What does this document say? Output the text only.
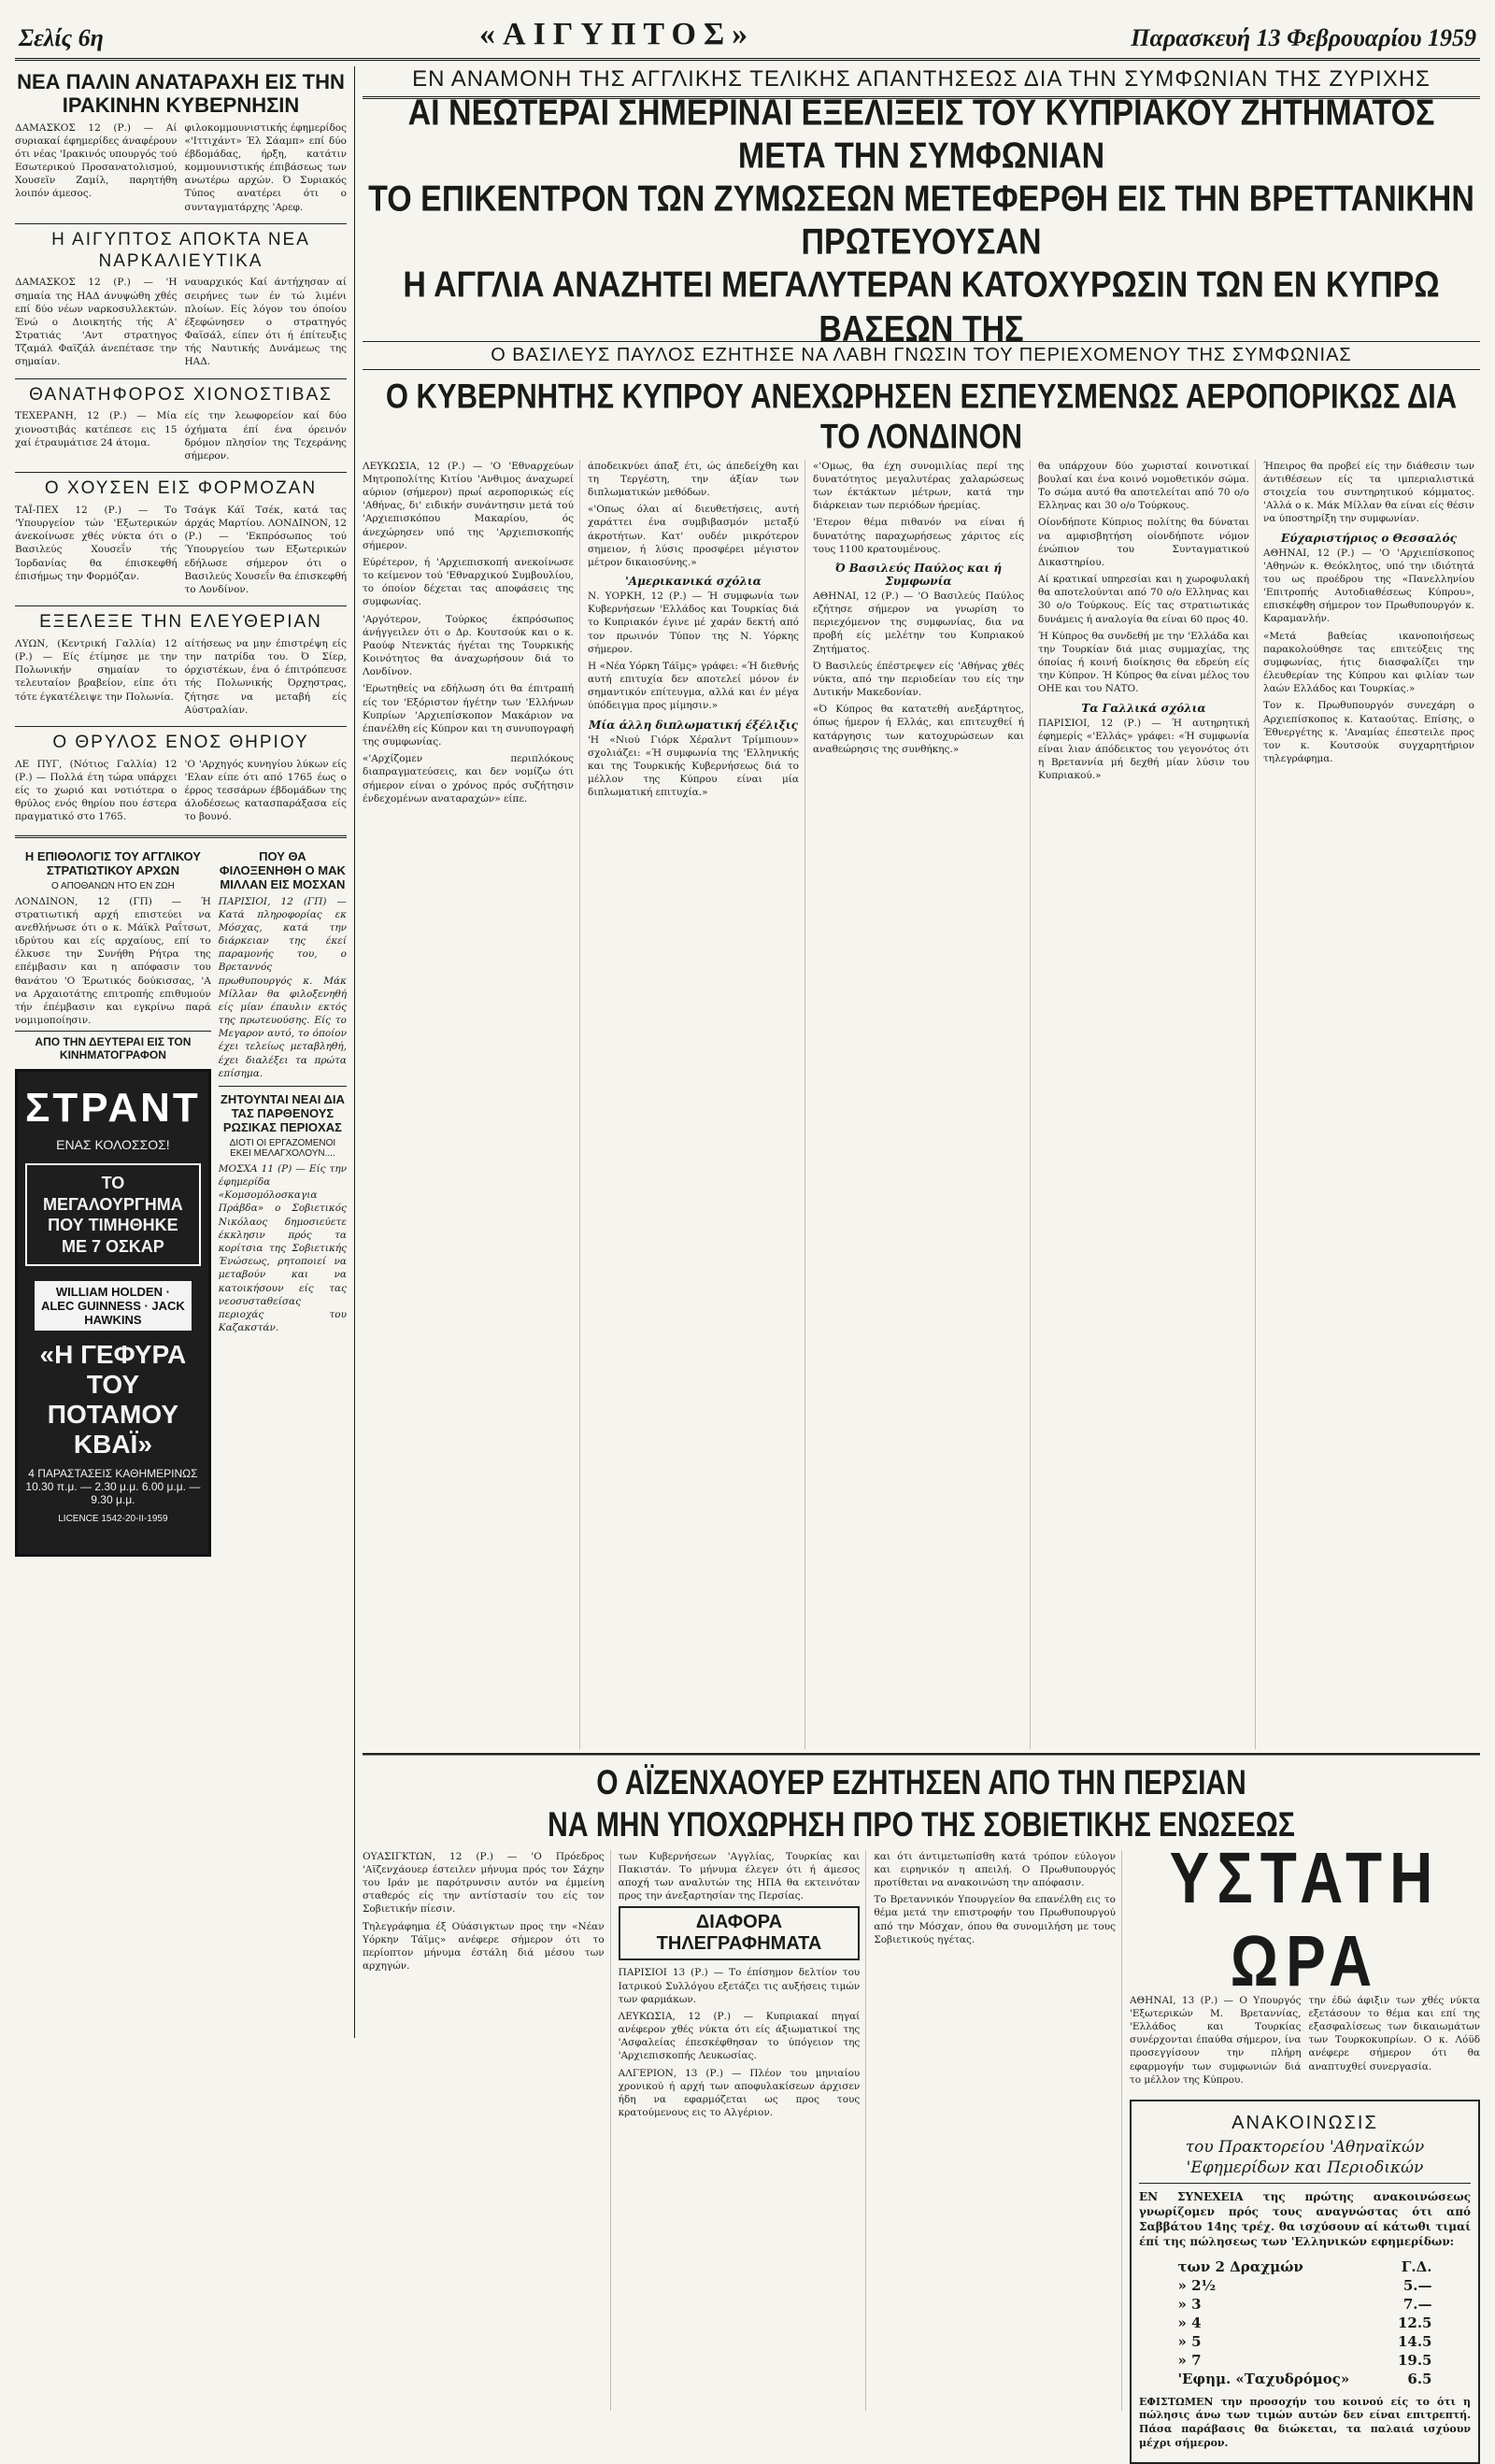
Σελίς 6η	«ΑΙΓΥΠΤΟΣ»	Παρασκευή 13 Φεβρουαρίου 1959
ΝΕΑ ΠΑΛΙΝ ΑΝΑΤΑΡΑΧΗ ΕΙΣ ΤΗΝ ΙΡΑΚΙΝΗΝ ΚΥΒΕΡΝΗΣΙΝ

ΔΑΜΑΣΚΟΣ 12 (Ρ.) — Αί συριακαί έφημερίδες άναφέρουν ότι νέας 'Ιρακινός υπουργός τού Εσωτερικού Προσανατολισμού, Χουσεϊν Ζαμίλ, παρητήθη λοιπόν άμεσος.

φιλοκομμουνιστικής έφημερίδος «'Ιττιχάντ» Έλ Σάαμπ» επί δύο έβδομάδας, ήρξη, κατάτιν κομμουνιστικής έπιβάσεως των ανωτέρω αρχών. Ό Συριακός Τύπος ανατέρει ότι ο συνταγματάρχης 'Αρεφ.

Η ΑΙΓΥΠΤΟΣ ΑΠΟΚΤΑ ΝΕΑ ΝΑΡΚΑΛΙΕΥΤΙΚΑ

ΔΑΜΑΣΚΟΣ 12 (Ρ.) — 'Η σημαία της ΗΑΔ άνυψώθη χθές επί δύο νέων ναρκοσυλλεκτών. Ένώ ο Διοικητής τής Α' Στρατιάς 'Αντ στρατηγος Τζαμάλ Φαϊζάλ άνεπέτασε την σημαίαν.

ναυαρχικός Καί άντήχησαν αί σειρήνες των έν τώ λιμένι πλοίων. Είς λόγον του όποίου έξεφώνησεν ο στρατηγός Φαϊσάλ, είπεν ότι ή έπίτευξις τής Ναυτικής Δυνάμεως της ΗΑΔ.

ΘΑΝΑΤΗΦΟΡΟΣ ΧΙΟΝΟΣΤΙΒΑΣ

ΤΕΧΕΡΑΝΗ, 12 (Ρ.) — Μία χιονοστιβάς κατέπεσε εις 15 χαί έτραυμάτισε 24 άτομα.

είς την λεωφορείον καί δύο όχήματα έπί ένα όρεινόν δρόμον πλησίον της Τεχεράνης σήμερον.

Ο ΧΟΥΣΕΝ ΕΙΣ ΦΟΡΜΟΖΑΝ

ΤΑΪ-ΠΕΧ 12 (Ρ.) — Το 'Υπουργείον τών 'Εξωτερικών άνεκοίνωσε χθές νύκτα ότι ο Βασιλεύς Χουσεΐν τής Ίορδανίας θα έπισκεφθή έπισήμως την Φορμόζαν.

Τσάγκ Κάϊ Τσέκ, κατά τας άρχάς Μαρτίου. ΛΟΝΔΙΝΟΝ, 12 (Ρ.) — 'Εκπρόσωπος τού Ύπουργείου των Εξωτερικών εδήλωσε σήμερον ότι ο Βασιλεύς Χουσεΐν θα έπισκεφθή το Λονδίνον.

ΕΞΕΛΕΞΕ ΤΗΝ ΕΛΕΥΘΕΡΙΑΝ

ΛΥΩΝ, (Κεντρική Γαλλία) 12 (Ρ.) — Είς έτίμησε με την Πολωνικήν σημαίαν το τελευταίον βραβείον, είπε ότι τότε έγκατέλειψε την Πολωνία.

αίτήσεως να μην έπιστρέψη είς την πατρίδα του. Ό Σίερ, όρχιστέκων, ένα ό έπιτρόπευσε τής Πολωνικής Όρχηστρας, ζήτησε να μεταβή είς Αύστραλίαν.

Ο ΘΡΥΛΟΣ ΕΝΟΣ ΘΗΡΙΟΥ

ΛΕ ΠΥΓ, (Νότιος Γαλλία) 12 (Ρ.) — Πολλά έτη τώρα υπάρχει είς το χωριό και νοτιότερα ο θρύλος ενός θηρίου που έστερα πραγματικό στο 1765.

'Ο 'Αρχηγός κυνηγίου λύκων είς 'Ελαν είπε ότι από 1765 έως ο έρρος τεσσάρων έβδομάδων της άλοδέσεως κατασπαράξασα είς το βουνό.

Η ΕΠΙΘΟΛΟΓΙΣ ΤΟΥ ΑΓΓΛΙΚΟΥ ΣΤΡΑΤΙΩΤΙΚΟΥ ΑΡΧΩΝ
Ο ΑΠΟΘΑΝΩΝ ΗΤΟ ΕΝ ΖΩΗ

ΛΟΝΔΙΝΟΝ, 12 (ΓΠ) — Ή στρατιωτική αρχή επιστεύει να ανεθλήνωσε ότι ο κ. Μάϊκλ Ραΐτσωτ, ιδρύτου και είς αρχαίους, επί το έλκυσε την Συνήθη Ρήτρα της επέμβασιν και η απόφασιν του θανάτου 'Ο Έρωτικός δούκισσας, 'Α να Αρχαιοτάτης επιτροπής επιθυμούν τήν έπέμβασιν και εγκρίνω παρά νομιμοποίησιν.

ΑΠΟ ΤΗΝ ΔΕΥΤΕΡΑΙ ΕΙΣ ΤΟΝ ΚΙΝΗΜΑΤΟΓΡΑΦΟΝ
ΣΤΡΑΝΤ
ΕΝΑΣ ΚΟΛΟΣΣΟΣ!
ΤΟ ΜΕΓΑΛΟΥΡΓΗΜΑ ΠΟΥ ΤΙΜΗΘΗΚΕ ΜΕ 7 ΟΣΚΑΡ
WILLIAM HOLDEN · ALEC GUINNESS · JACK HAWKINS
«Η ΓΕΦΥΡΑ ΤΟΥ ΠΟΤΑΜΟΥ ΚΒΑΪ»
4 ΠΑΡΑΣΤΑΣΕΙΣ ΚΑΘΗΜΕΡΙΝΩΣ 10.30 π.μ. — 2.30 μ.μ. 6.00 μ.μ. — 9.30 μ.μ.
LICENCE 1542-20-II-1959
ΠΟΥ ΘΑ ΦΙΛΟΞΕΝΗΘΗ Ο ΜΑΚ ΜΙΛΛΑΝ ΕΙΣ ΜΟΣΧΑΝ

ΠΑΡΙΣΙΟΙ, 12 (ΓΠ) — Κατά πληροφορίας εκ Μόσχας, κατά την διάρκειαν της έκεί παραμονής του, ο Βρεταννός πρωθυπουργός κ. Μάκ Μίλλαν θα φιλοξενηθή είς μίαν έπαυλιν εκτός της πρωτευούσης. Είς το Μεγαρον αυτό, το όποίον έχει τελείως μεταβληθή, έχει διαλέξει τα πρώτα επίσημα.

ΖΗΤΟΥΝΤΑΙ ΝΕΑΙ ΔΙΑ ΤΑΣ ΠΑΡΘΕΝΟΥΣ ΡΩΣΙΚΑΣ ΠΕΡΙΟΧΑΣ
ΔΙΟΤΙ ΟΙ ΕΡΓΑΖΟΜΕΝΟΙ ΕΚΕΙ ΜΕΛΑΓΧΟΛΟΥΝ....

ΜΟΣΧΑ 11 (Ρ) — Είς την έφημερίδα «Κομσομόλοσκαγια Πράβδα» ο Σοβιετικός Νικόλαος δημοσιεύετε έκκλησιν πρός τα κορίτσια της Σοβιετικής Ένώσεως, ρητοποιεί να μεταβούν και να κατοικήσουν είς τας νεοσυσταθείσας περιοχάς του Καζακστάν.

ΕΝ ΑΝΑΜΟΝΗ ΤΗΣ ΑΓΓΛΙΚΗΣ ΤΕΛΙΚΗΣ ΑΠΑΝΤΗΣΕΩΣ ΔΙΑ ΤΗΝ ΣΥΜΦΩΝΙΑΝ ΤΗΣ ΖΥΡΙΧΗΣ
ΑΙ ΝΕΩΤΕΡΑΙ ΣΗΜΕΡΙΝΑΙ ΕΞΕΛΙΞΕΙΣ ΤΟΥ ΚΥΠΡΙΑΚΟΥ ΖΗΤΗΜΑΤΟΣ ΜΕΤΑ ΤΗΝ ΣΥΜΦΩΝΙΑΝ
ΤΟ ΕΠΙΚΕΝΤΡΟΝ ΤΩΝ ΖΥΜΩΣΕΩΝ ΜΕΤΕΦΕΡΘΗ ΕΙΣ ΤΗΝ ΒΡΕΤΤΑΝΙΚΗΝ ΠΡΩΤΕΥΟΥΣΑΝ
Η ΑΓΓΛΙΑ ΑΝΑΖΗΤΕΙ ΜΕΓΑΛΥΤΕΡΑΝ ΚΑΤΟΧΥΡΩΣΙΝ ΤΩΝ ΕΝ ΚΥΠΡΩ ΒΑΣΕΩΝ ΤΗΣ
Ο ΒΑΣΙΛΕΥΣ ΠΑΥΛΟΣ ΕΖΗΤΗΣΕ ΝΑ ΛΑΒΗ ΓΝΩΣΙΝ ΤΟΥ ΠΕΡΙΕΧΟΜΕΝΟΥ ΤΗΣ ΣΥΜΦΩΝΙΑΣ
Ο ΚΥΒΕΡΝΗΤΗΣ ΚΥΠΡΟΥ ΑΝΕΧΩΡΗΣΕΝ ΕΣΠΕΥΣΜΕΝΩΣ ΑΕΡΟΠΟΡΙΚΩΣ ΔΙΑ ΤΟ ΛΟΝΔΙΝΟΝ

ΛΕΥΚΩΣΙΑ, 12 (Ρ.) — 'Ο 'Εθναρχεύων Μητροπολίτης Κιτίου 'Ανθιμος άναχωρεί αύριον (σήμερον) πρωί αεροπορικώς είς 'Αθήνας, δι' ειδικήν συνάντησιν μετά τού 'Αρχιεπισκόπου Μακαρίου, ός άνεχώρησεν υπό της 'Αρχιεπισκοπής σήμερον.

Εύρέτερον, ή 'Αρχιεπισκοπή ανεκοίνωσε το κείμενον τού 'Εθναρχικού Συμβουλίου, το όποίον δέχεται τας αποφάσεις της συμφωνίας.

'Αργότερον, Τούρκος έκπρόσωπος άνήγγειλεν ότι ο Δρ. Κουτσούκ και ο κ. Ραούφ Ντενκτάς ήγέται της Τουρκικής Κοινότητος θα άναχωρήσουν διά το Λονδίνον.

'Ερωτηθείς να εδήλωση ότι θα έπιτραπή είς τον 'Εξόριστον ήγέτην των 'Ελλήνων Κυπρίων 'Αρχιεπίσκοπον Μακάριον να έπανέλθη είς Κύπρον και τη συνυπογραφή της συμφωνίας.

«'Αρχίζομεν περιπλόκους διαπραγματεύσεις, και δεν νομίζω ότι σήμερον είναι ο χρόνος πρός συζήτησιν ένδεχομένων αναταραχών» είπε.

άποδεικνύει άπαξ έτι, ώς άπεδείχθη και τη Τεργέστη, την άξίαν των διπλωματικών μεθόδων.

«'Οπως όλαι αί διευθετήσεις, αυτή χαράττει ένα συμβιβασμόν μεταξύ άκροτήτων. Κατ' ουδέν μικρότερον σημειον, ή λύσις προσφέρει μέγιστον μέτρον δικαιοσύνης.»

'Αμερικανικά σχόλια

Ν. ΥΟΡΚΗ, 12 (Ρ.) — Ή συμφωνία των Κυβερνήσεων 'Ελλάδος και Τουρκίας διά το Κυπριακόν έγινε μέ χαράν δεκτή από τον πρωινόν Τύπον της Ν. Υόρκης σήμερον.

Η «Νέα Υόρκη Τάϊμς» γράφει: «Ή διεθνής αυτή επιτυχία δεν αποτελεί μόνον έν σημαντικόν επίτευγμα, αλλά και έν μέγα ύπόδειγμα προς μίμησιν.»

Μία άλλη διπλωματική έξέλιξις

'Η «Νιού Γιόρκ Χέραλντ Τρίμπιουν» σχολιάζει: «Ή συμφωνία της 'Ελληνικής και της Τουρκικής Κυβερνήσεως διά το μέλλον της Κύπρου είναι μία διπλωματική επιτυχία.»

«'Ομως, θα έχη συνομιλίας περί της δυνατότητος μεγαλυτέρας χαλαρώσεως των έκτάκτων μέτρων, κατά την διάρκειαν των περιόδων ήρεμίας.

'Ετερον θέμα πιθανόν να είναι ή δυνατότης παραχωρήσεως χάριτος είς τους 1100 κρατουμένους.

Ό Βασιλεύς Παύλος και ή Συμφωνία

ΑΘΗΝΑΙ, 12 (Ρ.) — 'Ο Βασιλεύς Παύλος εζήτησε σήμερον να γνωρίση το περιεχόμενον της συμφωνίας, δια να προβή είς μελέτην του Κυπριακού Ζητήματος.

Ό Βασιλεύς έπέστρεψεν είς 'Αθήνας χθές νύκτα, από την περιοδείαν του είς την Δυτικήν Μακεδονίαν.

«Ό Κύπρος θα κατατεθή ανεξάρτητος, όπως ήμερον ή Ελλάς, και επιτευχθεί ή κατάργησις των κατοχυρώσεων και αναθεώρησις της συνθήκης.»

θα υπάρχουν δύο χωρισταί κοινοτικαί βουλαί και ένα κοινό νομοθετικόν σώμα. Το σώμα αυτό θα αποτελείται από 70 ο/ο Ελληνας και 30 ο/ο Τούρκους.

Οίονδήποτε Κύπριος πολίτης θα δύναται να αμφισβητήση οίονδήποτε νόμον ένώπιον του Συνταγματικού Δικαστηρίου.

Αί κρατικαί υπηρεσίαι και η χωροφυλακή θα αποτελούνται από 70 ο/ο Ελληνας και 30 ο/ο Τούρκους. Είς τας στρατιωτικάς δυνάμεις ή αναλογία θα είναι 60 προς 40.

Ή Κύπρος θα συνδεθή με την 'Ελλάδα και την Τουρκίαν διά μιας συμμαχίας, της όποίας ή κοινή διοίκησις θα εδρεύη είς την Κύπρον. Ή Κύπρος θα είναι μέλος του ΟΗΕ και του ΝΑΤΟ.

Τα Γαλλικά σχόλια

ΠΑΡΙΣΙΟΙ, 12 (Ρ.) — Ή αυτηρητική έφημερίς «'Ελλάς» γράφει: «Ή συμφωνία είναι λιαν άπόδεικτος του γεγονότος ότι η Βρεταννία μή δεχθή μίαν λύσιν του Κυπριακού.»

Ήπειρος θα προβεί είς την διάθεσιν των άντιθέσεων είς τα ιμπεριαλιστικά στοιχεία του συντηρητικού κόμματος. 'Αλλά ο κ. Μάκ Μίλλαν θα είναι είς θέσιν να ύποστηρίξη την συμφωνίαν.

Εύχαριστήριος ο Θεσσαλός

ΑΘΗΝΑΙ, 12 (Ρ.) — 'Ο 'Αρχιεπίσκοπος 'Αθηνών κ. Θεόκλητος, υπό την ιδιότητά του ως προέδρου της «Πανελληνίου 'Επιτροπής Αυτοδιαθέσεως Κύπρου», επισκέφθη σήμερον τον Πρωθυπουργόν κ. Καραμανλήν.

«Μετά βαθείας ικανοποιήσεως παρακολούθησε τας επιτεύξεις της συμφωνίας, ήτις διασφαλίζει την έλευθερίαν της Κύπρου και φιλίαν των λαών Ελλάδος και Τουρκίας.»

Τον κ. Πρωθυπουργόν συνεχάρη ο Αρχιεπίσκοπος κ. Καταούτας. Επίσης, ο Έθνεργέτης κ. 'Αναμίας έπεστειλε προς τον κ. Κουτσούκ συγχαρητήριον τηλεγράφημα.

Ο ΑΪΖΕΝΧΑΟΥΕΡ ΕΖΗΤΗΣΕΝ ΑΠΟ ΤΗΝ ΠΕΡΣΙΑΝ
ΝΑ ΜΗΝ ΥΠΟΧΩΡΗΣΗ ΠΡΟ ΤΗΣ ΣΟΒΙΕΤΙΚΗΣ ΕΝΩΣΕΩΣ

ΟΥΑΣΙΓΚΤΩΝ, 12 (Ρ.) — 'Ο Πρόεδρος 'Αϊζενχάουερ έστειλεν μήνυμα πρός τον Σάχην του Ιράν με παρότρυνσιν αυτόν να έμμείνη σταθερός είς την αντίστασίν του είς τον Σοβιετικήν πίεσιν.

Τηλεγράφημα έξ Ούάσιγκτων προς την «Νέαν Υόρκην Τάϊμς» ανέφερε σήμερον ότι το περίοπτον μήνυμα έστάλη διά μέσου των αρχηγών.

των Κυβερνήσεων 'Αγγλίας, Τουρκίας και Πακιστάν. Το μήνυμα έλεγεν ότι ή άμεσος αποχή των αναλυτών της ΗΠΑ θα εκτεινόταν προς την άνεξαρτησίαν της Περσίας.

ΔΙΑΦΟΡΑ ΤΗΛΕΓΡΑΦΗΜΑΤΑ

ΠΑΡΙΣΙΟΙ 13 (Ρ.) — Το έπίσημον δελτίον του Ιατρικού Συλλόγου εξετάζει τις αυξήσεις τιμών των φαρμάκων.

ΛΕΥΚΩΣΙΑ, 12 (Ρ.) — Κυπριακαί πηγαί ανέφερον χθές νύκτα ότι είς άξιωματικοί της 'Ασφαλείας έπεσκέφθησαν το ύπόγειον της 'Αρχιεπισκοπής Λευκωσίας.

ΑΛΓΕΡΙΟΝ, 13 (Ρ.) — Πλέον του μηνιαίου χρονικού ή αρχή των αποφυλακίσεων άρχισεν ήδη να εφαρμόζεται ως προς τους κρατούμενους εις το Αλγέριον.

και ότι άντιμετωπίσθη κατά τρόπον εύλογον και ειρηνικόν η απειλή. Ο Πρωθυπουργός προτίθεται να ανακοινώση την απόφασιν.

Το Βρεταννικόν Υπουργείον θα επανέλθη εις το θέμα μετά την επιστροφήν του Πρωθυπουργού από την Μόσχαν, όπου θα συνομιλήση με τους Σοβιετικούς ηγέτας.

ΥΣΤΑΤΗ ΩΡΑ

ΑΘΗΝΑΙ, 13 (Ρ.) — Ο Υπουργός 'Εξωτερικών Μ. Βρεταννίας, 'Ελλάδος και Τουρκίας συνέρχονται έπαύθα σήμερον, ίνα προσεγγίσουν την πλήρη εφαρμογήν των συμφωνιών διά το μέλλον της Κύπρου.

την έδώ άφιξιν των χθές νύκτα εξετάσουν το θέμα και επί της εξασφαλίσεως των δικαιωμάτων των Τουρκοκυπρίων. Ο κ. Λόϋδ ανέφερε σήμερον ότι θα αναπτυχθεί συνεργασία.

ΑΝΑΚΟΙΝΩΣΙΣ
του Πρακτορείου 'Αθηναϊκών
'Εφημερίδων και Περιοδικών

ΕΝ ΣΥΝΕΧΕΙΑ της πρώτης ανακοινώσεως γνωρίζομεν πρός τους αναγνώστας ότι από Σαββάτου 14ης τρέχ. θα ισχύσουν αί κάτωθι τιμαί έπί της πώλησεως των 'Ελληνικών εφημερίδων:

των 2 Δραχμών	Γ.Δ.
» 2½	5.—
» 3	7.—
» 4	12.5
» 5	14.5
» 7	19.5
'Εφημ. «Ταχυδρόμος»	6.5

ΕΦΙΣΤΩΜΕΝ την προσοχήν του κοινού είς το ότι η πώλησις άνω των τιμών αυτών δεν είναι επιτρεπτή. Πάσα παράβασις θα διώκεται, τα παλαιά ισχύουν μέχρι σήμερον.
